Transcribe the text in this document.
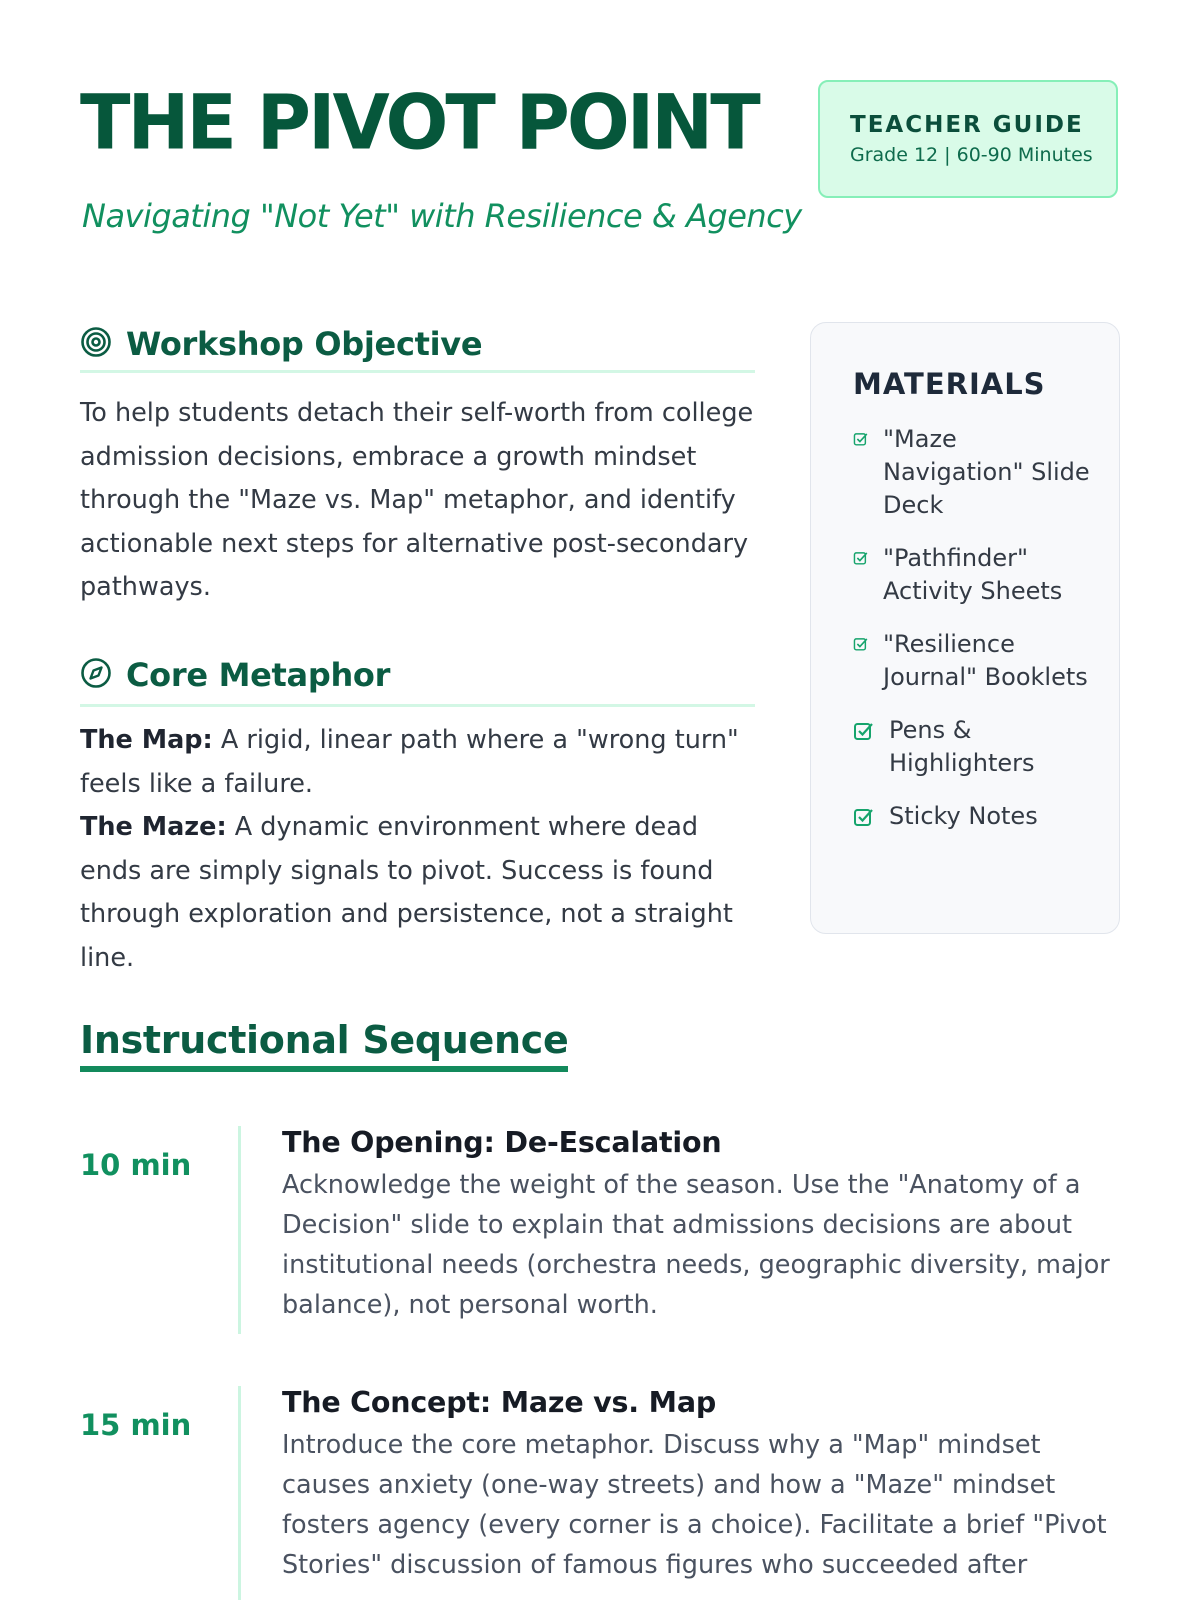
THE PIVOT POINT

Navigating "Not Yet" with Resilience & Agency

TEACHER GUIDE
Grade 12 | 60-90 Minutes
Workshop Objective

To help students detach their self-worth from college admission decisions, embrace a growth mindset through the "Maze vs. Map" metaphor, and identify actionable next steps for alternative post-secondary pathways.

Core Metaphor

The Map: A rigid, linear path where a "wrong turn" feels like a failure.
The Maze: A dynamic environment where dead ends are simply signals to pivot. Success is found through exploration and persistence, not a straight line.

MATERIALS
"Maze Navigation" Slide Deck
"Pathfinder" Activity Sheets
"Resilience Journal" Booklets
Pens & Highlighters
Sticky Notes
Instructional Sequence
10 min
The Opening: De-Escalation

Acknowledge the weight of the season. Use the "Anatomy of a Decision" slide to explain that admissions decisions are about institutional needs (orchestra needs, geographic diversity, major balance), not personal worth.

15 min
The Concept: Maze vs. Map

Introduce the core metaphor. Discuss why a "Map" mindset causes anxiety (one-way streets) and how a "Maze" mindset fosters agency (every corner is a choice). Facilitate a brief "Pivot Stories" discussion of famous figures who succeeded after
